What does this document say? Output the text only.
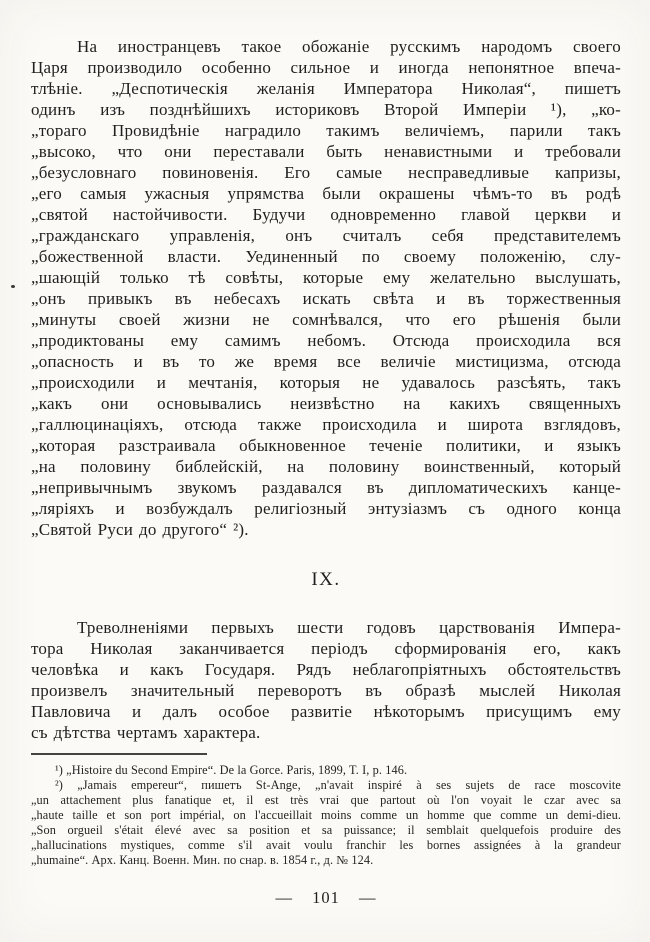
На иностранцевъ такое обожаніе русскимъ народомъ своего
Царя производило особенно сильное и иногда непонятное впеча-
тлѣніе. „Деспотическія желанія Императора Николая“, пишетъ
одинъ изъ позднѣйшихъ историковъ Второй Имперіи ¹), „ко-
„тораго Провидѣніе наградило такимъ величіемъ, парили такъ
„высоко, что они переставали быть ненавистными и требовали
„безусловнаго повиновенія. Его самые несправедливые капризы,
„его самыя ужасныя упрямства были окрашены чѣмъ-то въ родѣ
„святой настойчивости. Будучи одновременно главой церкви и
„гражданскаго управленія, онъ считалъ себя представителемъ
„божественной власти. Уединенный по своему положенію, слу-
„шающій только тѣ совѣты, которые ему желательно выслушать,
„онъ привыкъ въ небесахъ искать свѣта и въ торжественныя
„минуты своей жизни не сомнѣвался, что его рѣшенія были
„продиктованы ему самимъ небомъ. Отсюда происходила вся
„опасность и въ то же время все величіе мистицизма, отсюда
„происходили и мечтанія, которыя не удавалось разсѣять, такъ
„какъ они основывались неизвѣстно на какихъ священныхъ
„галлюцинаціяхъ, отсюда также происходила и широта взглядовъ,
„которая разстраивала обыкновенное теченіе политики, и языкъ
„на половину библейскій, на половину воинственный, который
„непривычнымъ звукомъ раздавался въ дипломатическихъ канце-
„ляріяхъ и возбуждалъ религіозный энтузіазмъ съ одного конца
„Святой Руси до другого“ ²).
IX.
Треволненіями первыхъ шести годовъ царствованія Импера-
тора Николая заканчивается періодъ сформированія его, какъ
человѣка и какъ Государя. Рядъ неблагопріятныхъ обстоятельствъ
произвелъ значительный переворотъ въ образѣ мыслей Николая
Павловича и далъ особое развитіе нѣкоторымъ присущимъ ему
съ дѣтства чертамъ характера.
¹) „Histoire du Second Empire“. De la Gorce. Paris, 1899, T. I, p. 146.
²) „Jamais empereur“, пишетъ St-Ange, „n'avait inspiré à ses sujets de race moscovite
„un attachement plus fanatique et, il est très vrai que partout où l'on voyait le czar avec sa
„haute taille et son port impérial, on l'accueillait moins comme un homme que comme un demi-dieu.
„Son orgueil s'était élevé avec sa position et sa puissance; il semblait quelquefois produire des
„hallucinations mystiques, comme s'il avait voulu franchir les bornes assignées à la grandeur
„humaine“. Арх. Канц. Военн. Мин. по снар. в. 1854 г., д. № 124.
— 101 —
